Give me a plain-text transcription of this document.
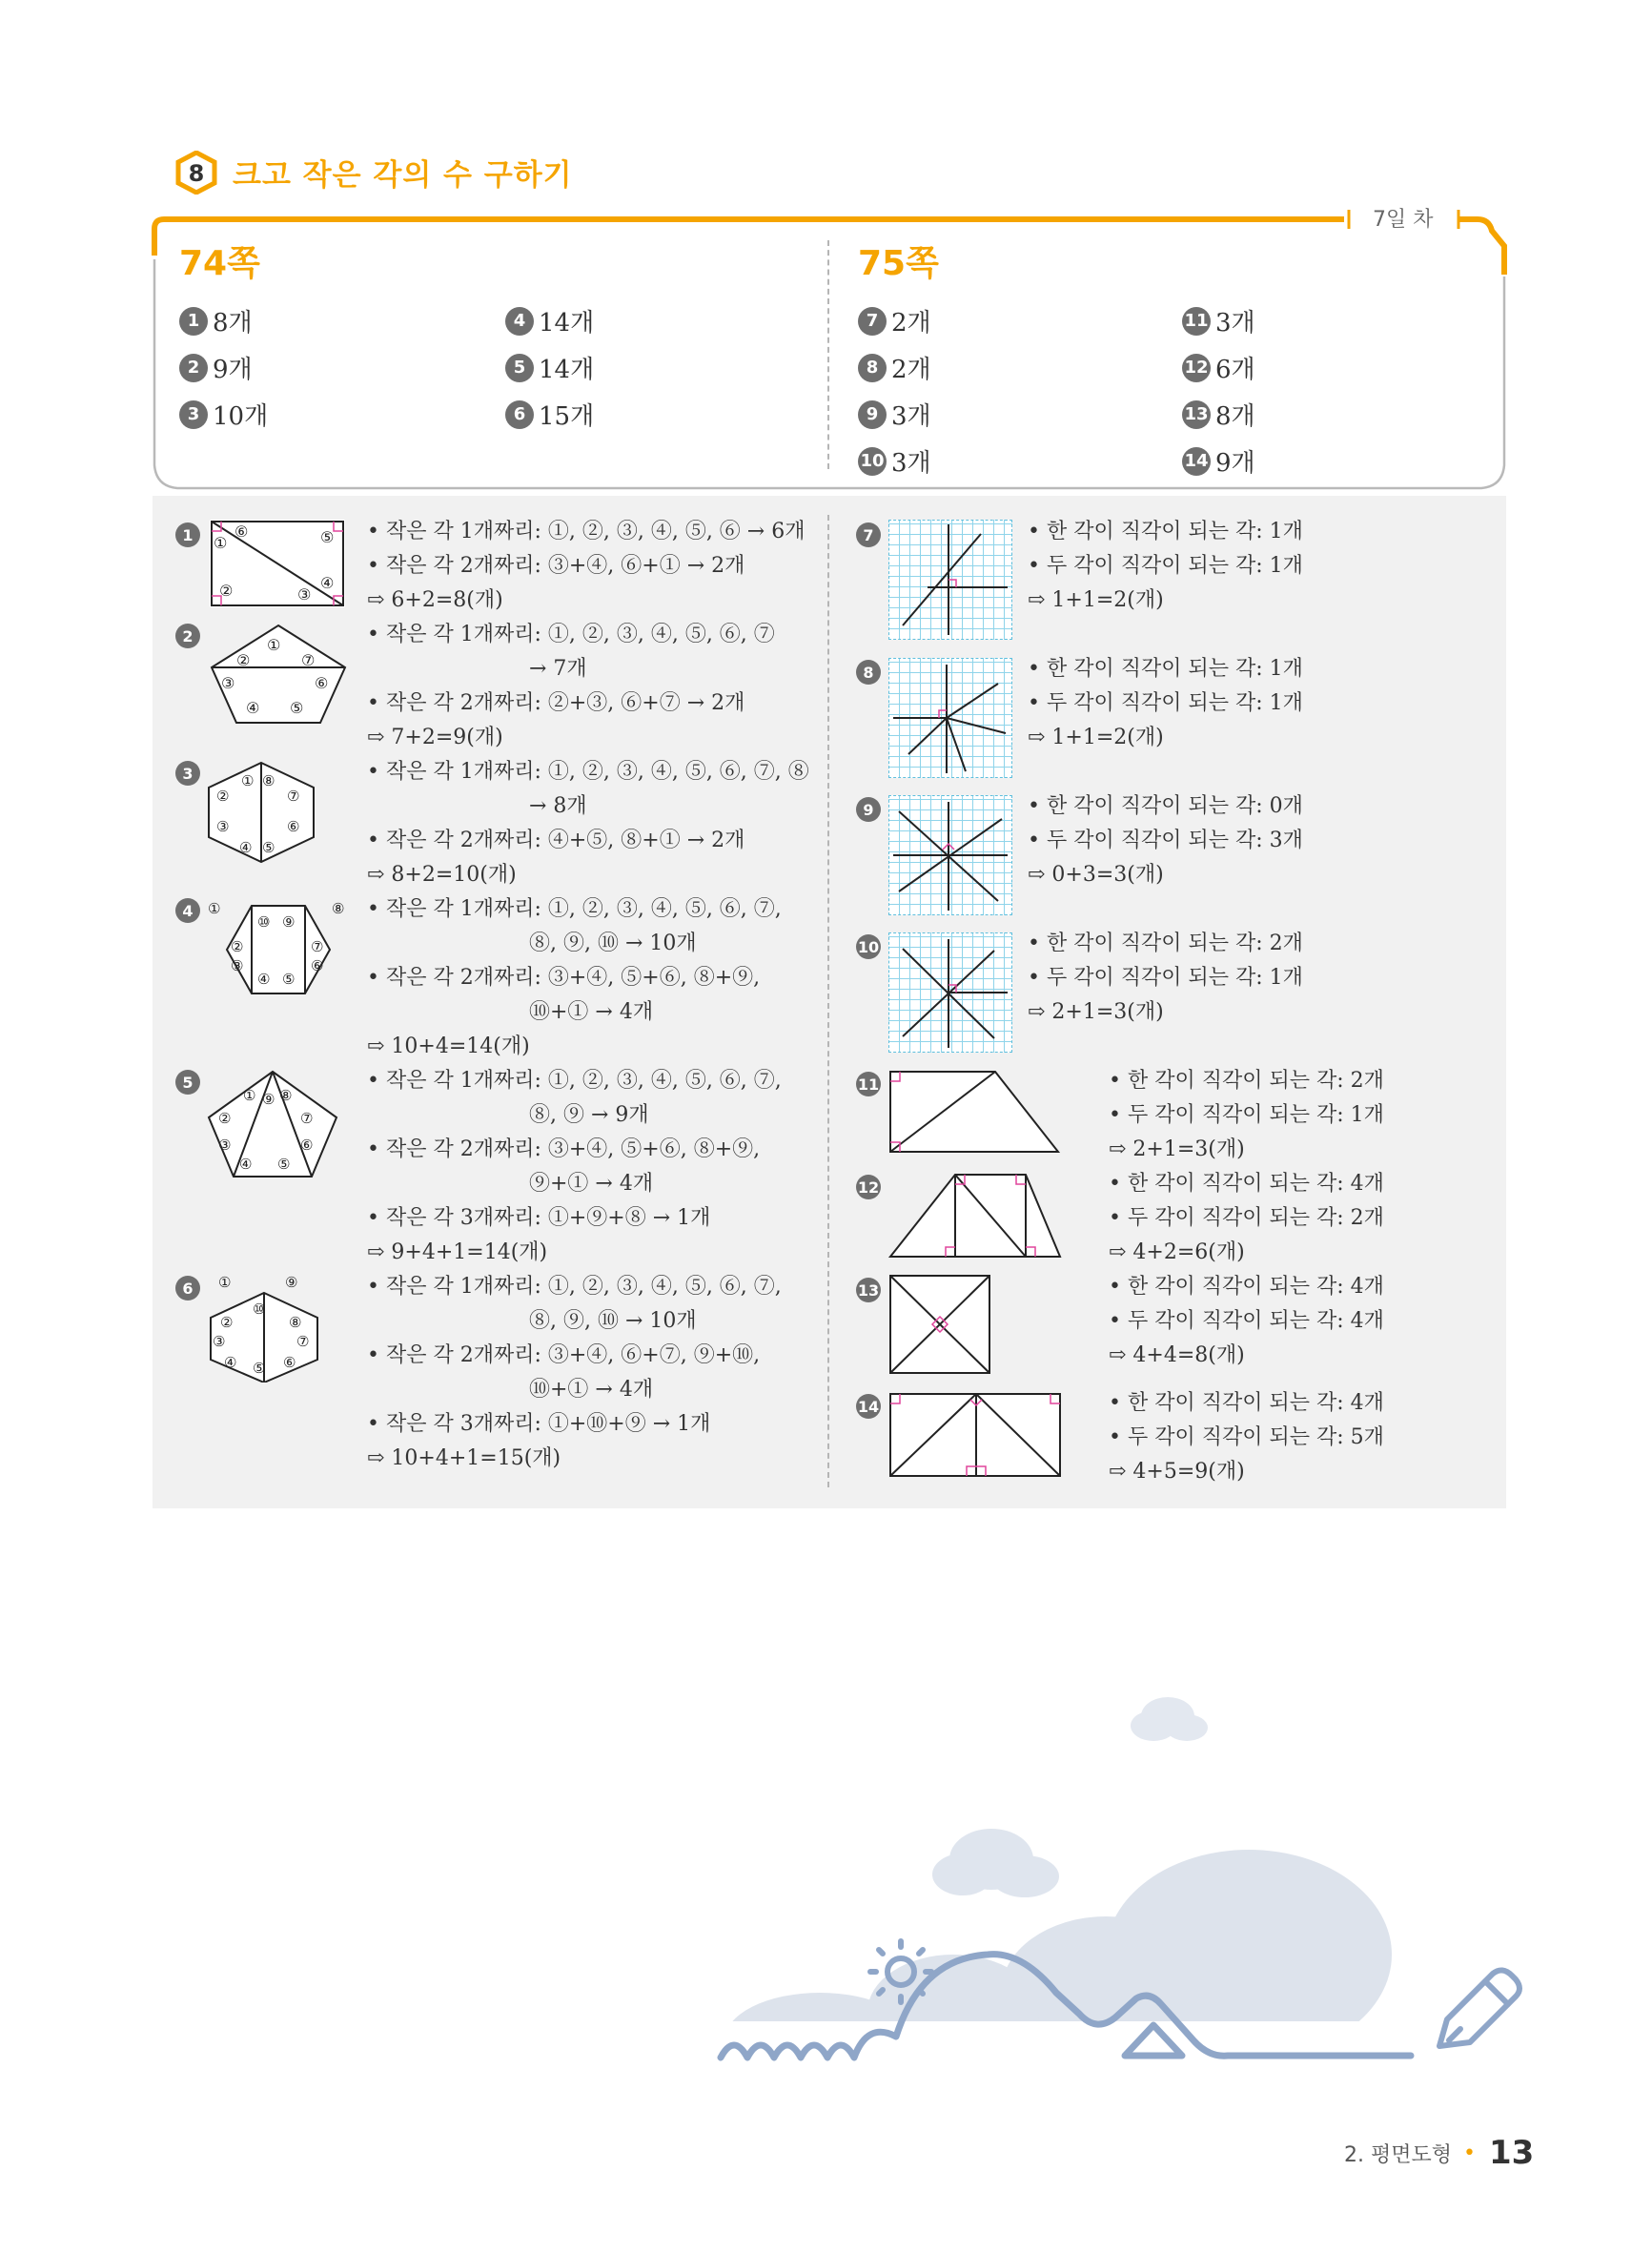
8 크고 작은 각의 수 구하기
7일 차
74쪽	75쪽
1 8개
2 9개
3 10개
4 14개
5 14개
6 15개
7 2개
8 2개
9 3개
10 3개
11 3개
12 6개
13 8개
14 9개
1
2
3
4
5
6
7
8
9
10
11
12
13
14
①
⑥	⑤
②	③
④
①
②	⑦
③	⑥
④ ⑤
① ⑧
②	⑦
③	⑥
④ ⑤
①
⑩ ⑨
⑧
②	⑦
③	⑥
④ ⑤
① ⑨ ⑧
②	⑦
③	⑥
④ ⑤
①	⑨
⑩
②	⑧
③	⑦
④ ⑤ ⑥
• 작은 각 1개짜리: ①, ②, ③, ④, ⑤, ⑥ → 6개
• 작은 각 2개짜리: ③+④, ⑥+① → 2개
⇨ 6+2=8(개)
• 작은 각 1개짜리: ①, ②, ③, ④, ⑤, ⑥, ⑦
→ 7개
• 작은 각 2개짜리: ②+③, ⑥+⑦ → 2개
⇨ 7+2=9(개)
• 작은 각 1개짜리: ①, ②, ③, ④, ⑤, ⑥, ⑦, ⑧
→ 8개
• 작은 각 2개짜리: ④+⑤, ⑧+① → 2개
⇨ 8+2=10(개)
• 작은 각 1개짜리: ①, ②, ③, ④, ⑤, ⑥, ⑦,
⑧, ⑨, ⑩ → 10개
• 작은 각 2개짜리: ③+④, ⑤+⑥, ⑧+⑨,
⑩+① → 4개
⇨ 10+4=14(개)
• 작은 각 1개짜리: ①, ②, ③, ④, ⑤, ⑥, ⑦,
⑧, ⑨ → 9개
• 작은 각 2개짜리: ③+④, ⑤+⑥, ⑧+⑨,
⑨+① → 4개
• 작은 각 3개짜리: ①+⑨+⑧ → 1개
⇨ 9+4+1=14(개)
• 작은 각 1개짜리: ①, ②, ③, ④, ⑤, ⑥, ⑦,
⑧, ⑨, ⑩ → 10개
• 작은 각 2개짜리: ③+④, ⑥+⑦, ⑨+⑩,
⑩+① → 4개
• 작은 각 3개짜리: ①+⑩+⑨ → 1개
⇨ 10+4+1=15(개)
• 한 각이 직각이 되는 각: 1개
• 두 각이 직각이 되는 각: 1개
⇨ 1+1=2(개)
• 한 각이 직각이 되는 각: 1개
• 두 각이 직각이 되는 각: 1개
⇨ 1+1=2(개)
• 한 각이 직각이 되는 각: 0개
• 두 각이 직각이 되는 각: 3개
⇨ 0+3=3(개)
• 한 각이 직각이 되는 각: 2개
• 두 각이 직각이 되는 각: 1개
⇨ 2+1=3(개)
• 한 각이 직각이 되는 각: 2개
• 두 각이 직각이 되는 각: 1개
⇨ 2+1=3(개)
• 한 각이 직각이 되는 각: 4개
• 두 각이 직각이 되는 각: 2개
⇨ 4+2=6(개)
• 한 각이 직각이 되는 각: 4개
• 두 각이 직각이 되는 각: 4개
⇨ 4+4=8(개)
• 한 각이 직각이 되는 각: 4개
• 두 각이 직각이 되는 각: 5개
⇨ 4+5=9(개)
2. 평면도형 • 13
